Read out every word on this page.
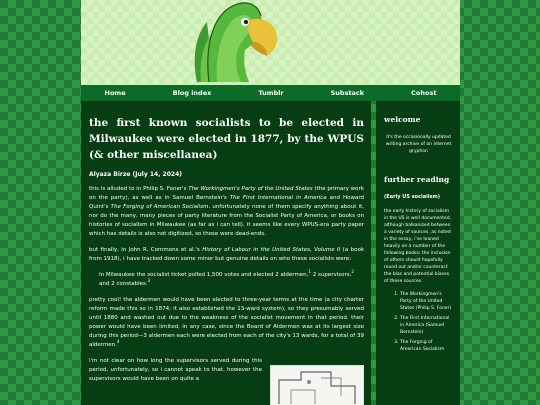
Home	Blog index	Tumblr	Substack	Cohost
the first known socialists to be elected in Milwaukee were elected in 1877, by the WPUS (& other miscellanea)

Alyaza Birze (July 14, 2024)

this is alluded to in Philip S. Foner's The Workingmen's Party of the United States (the primary work on the party), as well as in Samuel Bernstein's The First International in America and Howard Quint's The Forging of American Socialism. unfortunately none of them specify anything about it, nor do the many, many pieces of party literature from the Socialist Party of America, or books on histories of socialism in Milwaukee (as far as i can tell). it seems like every WPUS-era party paper which has details is also not digitized, so those were dead-ends.

but finally, in John R. Commons et al.'s History of Labour in the United States, Volume II (a book from 1918), i have tracked down some minor but genuine details on who these socialists were:

In Milwaukee the socialist ticket polled 1,500 votes and elected 2 aldermen,$^1$ 2 supervisors,$^2$ and 2 constables.$^3$

pretty cool! the aldermen would have been elected to three-year terms at the time (a city charter reform made this so in 1874; it also established the 13-ward system), so they presumably served until 1880 and washed out due to the weakness of the socialist movement in that period. their power would have been limited, in any case, since the Board of Aldermen was at its largest size during this period—3 aldermen each were elected from each of the city's 13 wards, for a total of 39 aldermen.$^4$

i'm not clear on how long the supervisors served during this period, unfortunately, so i cannot speak to that. however the supervisors would have been on quite a

welcome

it's the occasionally updated writing archive of an internet gryphon

further reading

(Early US socialism)

the early history of socialism in the US is well documented, although balkanized between a variety of sources. as noted in the essay, i've leaned heavily on a number of the following books; the inclusion of others should hopefully round out and/or counteract the bias and potential biases of these sources.

1. The Workingmen's Party of the United States (Philip S. Foner)
2. The First International in America (Samuel Bernstein)
3. The Forging of American Socialism
